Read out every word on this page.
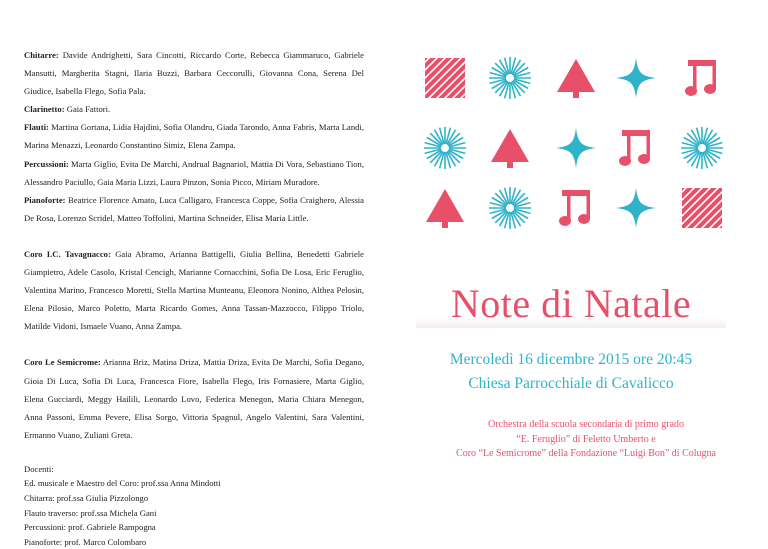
Chitarre: Davide Andrighetti, Sara Cincotti, Riccardo Corte, Rebecca Giammaruco, Gabriele Mansutti, Margherita Stagni, Ilaria Buzzi, Barbara Ceccorulli, Giovanna Cona, Serena Del Giudice, Isabella Flego, Sofia Pala.

Clarinetto: Gaia Fattori.

Flauti: Martina Gortana, Lidia Hajdini, Sofia Olandru, Giada Tarondo, Anna Fabris, Marta Landi, Marina Menazzi, Leonardo Constantino Simiz, Elena Zampa.

Percussioni: Marta Giglio, Evita De Marchi, Andrual Bagnariol, Mattia Di Vora, Sebastiano Tion, Alessandro Paciullo, Gaia Maria Lizzi, Laura Pinzon, Sonia Picco, Miriam Muradore.

Pianoforte: Beatrice Florence Amato, Luca Calligaro, Francesca Coppe, Sofia Craighero, Alessia De Rosa, Lorenzo Scridel, Matteo Toffolini, Martina Schneider, Elisa Maria Little.

Coro I.C. Tavagnacco: Gaia Abramo, Arianna Battigelli, Giulia Bellina, Benedetti Gabriele Giampietro, Adele Casolo, Kristal Cencigh, Marianne Cornacchini, Sofia De Losa, Eric Feruglio, Valentina Marino, Francesco Moretti, Stella Martina Munteanu, Eleonora Nonino, Althea Pelosin, Elena Pilosio, Marco Poletto, Marta Ricardo Gomes, Anna Tassan-Mazzocco, Filippo Triolo, Matilde Vidoni, Ismaele Vuano, Anna Zampa.

Coro Le Semicrome: Arianna Briz, Matina Driza, Mattia Driza, Evita De Marchi, Sofia Degano, Gioia Di Luca, Sofia Di Luca, Francesca Fiore, Isabella Flego, Iris Fornasiere, Marta Giglio, Elena Gucciardi, Meggy Hailili, Leonardo Lovo, Federica Menegon, Maria Chiara Menegon, Anna Passoni, Emma Pevere, Elisa Sorgo, Vittoria Spagnul, Angelo Valentini, Sara Valentini, Ermanno Vuano, Zuliani Greta.

Docenti:
Ed. musicale e Maestro del Coro: prof.ssa Anna Mindotti
Chitarra: prof.ssa Giulia Pizzolongo
Flauto traverso: prof.ssa Michela Gani
Percussioni: prof. Gabriele Rampogna
Pianoforte: prof. Marco Colombaro
Note di Natale
Mercoledì 16 dicembre 2015 ore 20:45
Chiesa Parrocchiale di Cavalicco
Orchestra della scuola secondaria di primo grado
“E. Feruglio” di Feletto Umberto e
Coro “Le Semicrome” della Fondazione “Luigi Bon” di Colugna
